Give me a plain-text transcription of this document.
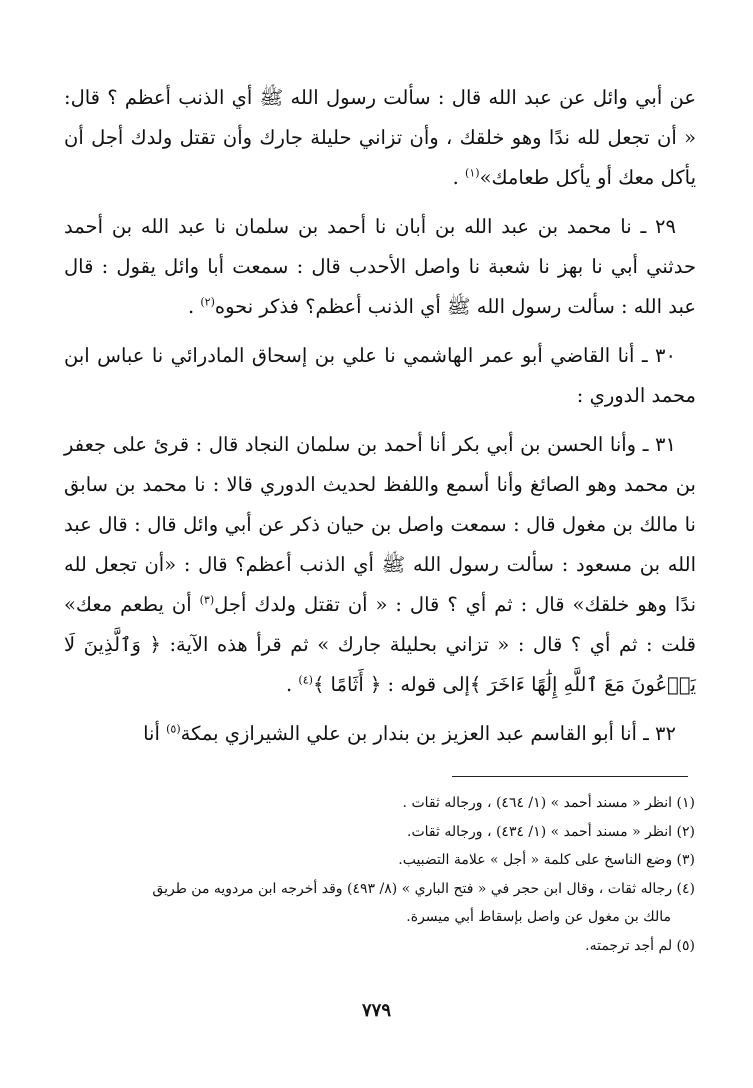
عن أبي وائل عن عبد الله قال : سألت رسول الله ﷺ أي الذنب أعظم ؟ قال: « أن تجعل لله ندًا وهو خلقك ، وأن تزاني حليلة جارك وأن تقتل ولدك أجل أن يأكل معك أو يأكل طعامك»$^{(١)}$ .

٢٩ ـ نا محمد بن عبد الله بن أبان نا أحمد بن سلمان نا عبد الله بن أحمد حدثني أبي نا بهز نا شعبة نا واصل الأحدب قال : سمعت أبا وائل يقول : قال عبد الله : سألت رسول الله ﷺ أي الذنب أعظم؟ فذكر نحوه$^{(٢)}$ .

٣٠ ـ أنا القاضي أبو عمر الهاشمي نا علي بن إسحاق المادرائي نا عباس ابن محمد الدوري :

٣١ ـ وأنا الحسن بن أبي بكر أنا أحمد بن سلمان النجاد قال : قرئ على جعفر بن محمد وهو الصائغ وأنا أسمع واللفظ لحديث الدوري قالا : نا محمد بن سابق نا مالك بن مغول قال : سمعت واصل بن حيان ذكر عن أبي وائل قال : قال عبد الله بن مسعود : سألت رسول الله ﷺ أي الذنب أعظم؟ قال : «أن تجعل لله ندًا وهو خلقك» قال : ثم أي ؟ قال : « أن تقتل ولدك أجل$^{(٣)}$ أن يطعم معك» قلت : ثم أي ؟ قال : « تزاني بحليلة جارك » ثم قرأ هذه الآية: ﴿ وَٱلَّذِينَ لَا يَدۡعُونَ مَعَ ٱللَّهِ إِلَٰهًا ءَاخَرَ ﴾إلى قوله : ﴿ أَثَامًا ﴾$^{(٤)}$ .

٣٢ ـ أنا أبو القاسم عبد العزيز بن بندار بن علي الشيرازي بمكة$^{(٥)}$ أنا

(١) انظر « مسند أحمد » (١/ ٤٦٤) ، ورجاله ثقات .

(٢) انظر « مسند أحمد » (١/ ٤٣٤) ، ورجاله ثقات.

(٣) وضع الناسخ على كلمة « أجل » علامة التضبيب.

(٤) رجاله ثقات ، وقال ابن حجر في « فتح الباري » (٨/ ٤٩٣) وقد أخرجه ابن مردويه من طريق

مالك بن مغول عن واصل بإسقاط أبي ميسرة.

(٥) لم أجد ترجمته.

٧٧٩
